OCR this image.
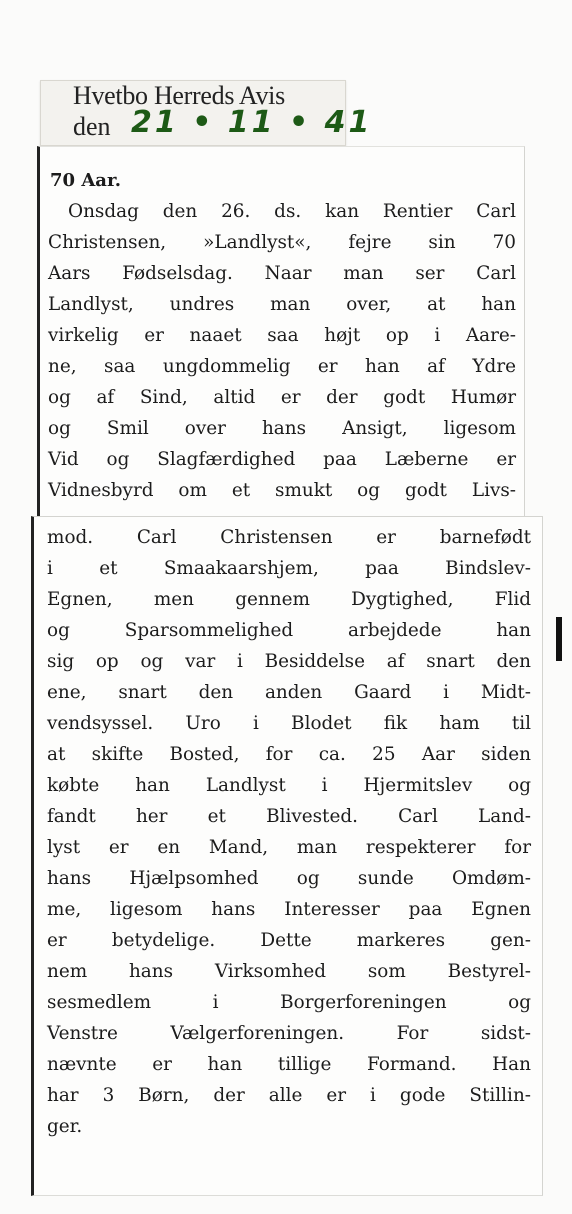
Hvetbo Herreds Avis
den 21 • 11 • 41
70 Aar.
Onsdag den 26. ds. kan Rentier Carl
Christensen, »Landlyst«, fejre sin 70
Aars Fødselsdag. Naar man ser Carl
Landlyst, undres man over, at han
virkelig er naaet saa højt op i Aare-
ne, saa ungdommelig er han af Ydre
og af Sind, altid er der godt Humør
og Smil over hans Ansigt, ligesom
Vid og Slagfærdighed paa Læberne er
Vidnesbyrd om et smukt og godt Livs-
mod. Carl Christensen er barnefødt
i et Smaakaarshjem, paa Bindslev-
Egnen, men gennem Dygtighed, Flid
og Sparsommelighed arbejdede han
sig op og var i Besiddelse af snart den
ene, snart den anden Gaard i Midt-
vendsyssel. Uro i Blodet fik ham til
at skifte Bosted, for ca. 25 Aar siden
købte han Landlyst i Hjermitslev og
fandt her et Blivested. Carl Land-
lyst er en Mand, man respekterer for
hans Hjælpsomhed og sunde Omdøm-
me, ligesom hans Interesser paa Egnen
er betydelige. Dette markeres gen-
nem hans Virksomhed som Bestyrel-
sesmedlem i Borgerforeningen og
Venstre Vælgerforeningen. For sidst-
nævnte er han tillige Formand. Han
har 3 Børn, der alle er i gode Stillin-
ger.
